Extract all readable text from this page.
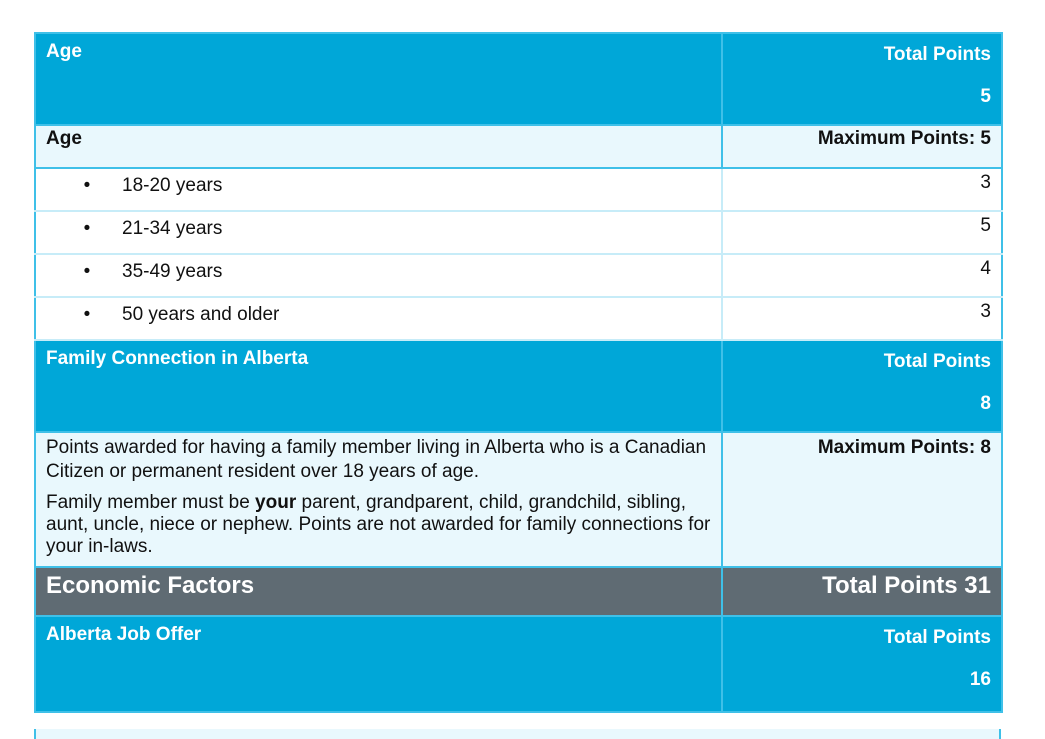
Age	Total Points
5

Age	Maximum Points: 5
• 18-20 years	3
• 21-34 years	5
• 35-49 years	4
• 50 years and older	3
Family Connection in Alberta	Total Points
8

Points awarded for having a family member living in Alberta who is a Canadian Citizen or permanent resident over 18 years of age.

Family member must be your parent, grandparent, child, grandchild, sibling, aunt, uncle, niece or nephew. Points are not awarded for family connections for your in-laws.	Maximum Points: 8
Economic Factors	Total Points 31
Alberta Job Offer	Total Points
16
